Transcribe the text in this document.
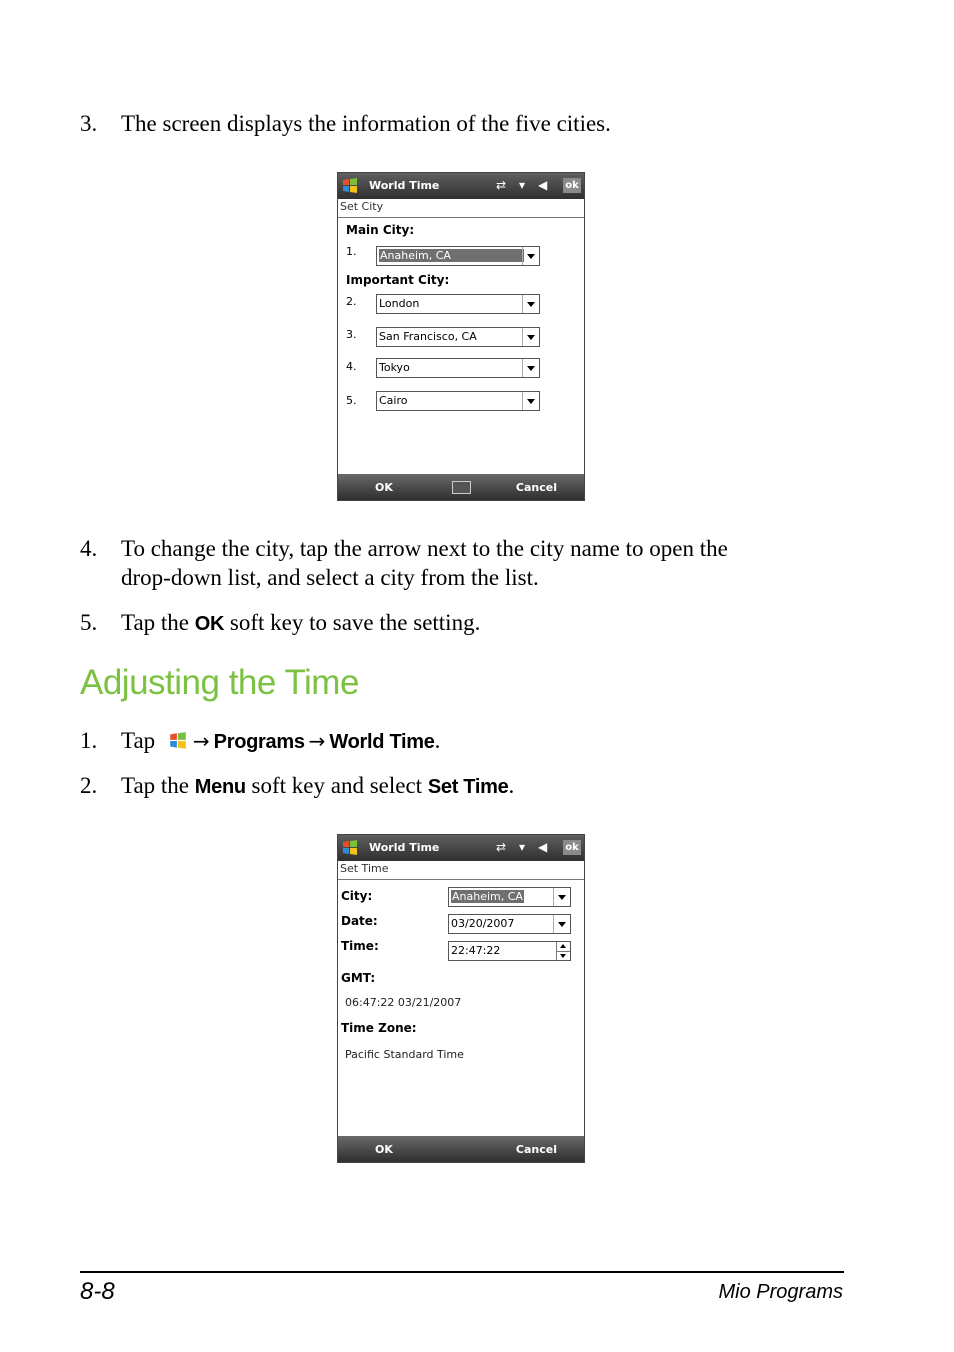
3.	The screen displays the information of the five cities.
World Time	⇄ ▾ ◀ ok
Set City
Main City:
1. Anaheim, CA
Important City:
2. London
3. San Francisco, CA
4. Tokyo
5. Cairo
OK	Cancel
4.	To change the city, tap the arrow next to the city name to open the
drop-down list, and select a city from the list.
5.	Tap the OK soft key to save the setting.
Adjusting the Time
1.	Tap → Programs → World Time.
2.	Tap the Menu soft key and select Set Time.
World Time	⇄ ▾ ◀ ok
Set Time
City:	Anaheim, CA
Date:	03/20/2007
Time:	22:47:22
GMT:
06:47:22 03/21/2007
Time Zone:
Pacific Standard Time
OK	Cancel
8-8	Mio Programs
